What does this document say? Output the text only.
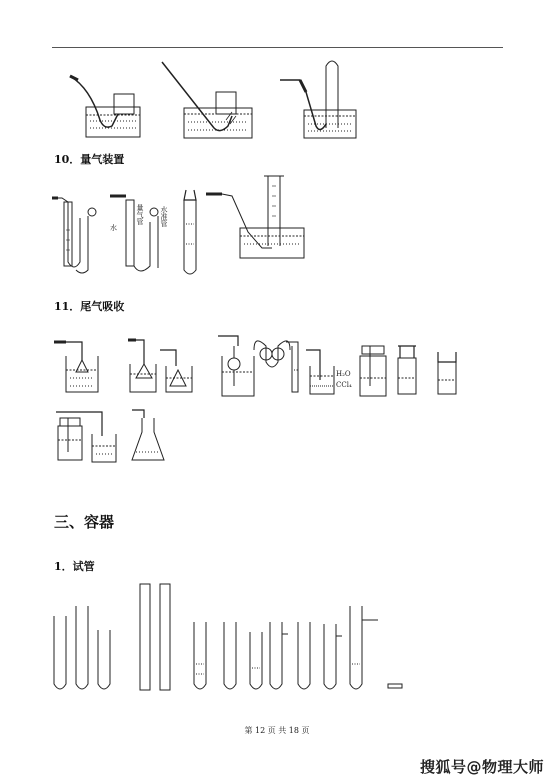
10．量气装置
11．尾气吸收
三、容器
1．试管
水
量气管 水准管
H₂O
CCl₄
第 12 页 共 18 页
搜狐号@物理大师
